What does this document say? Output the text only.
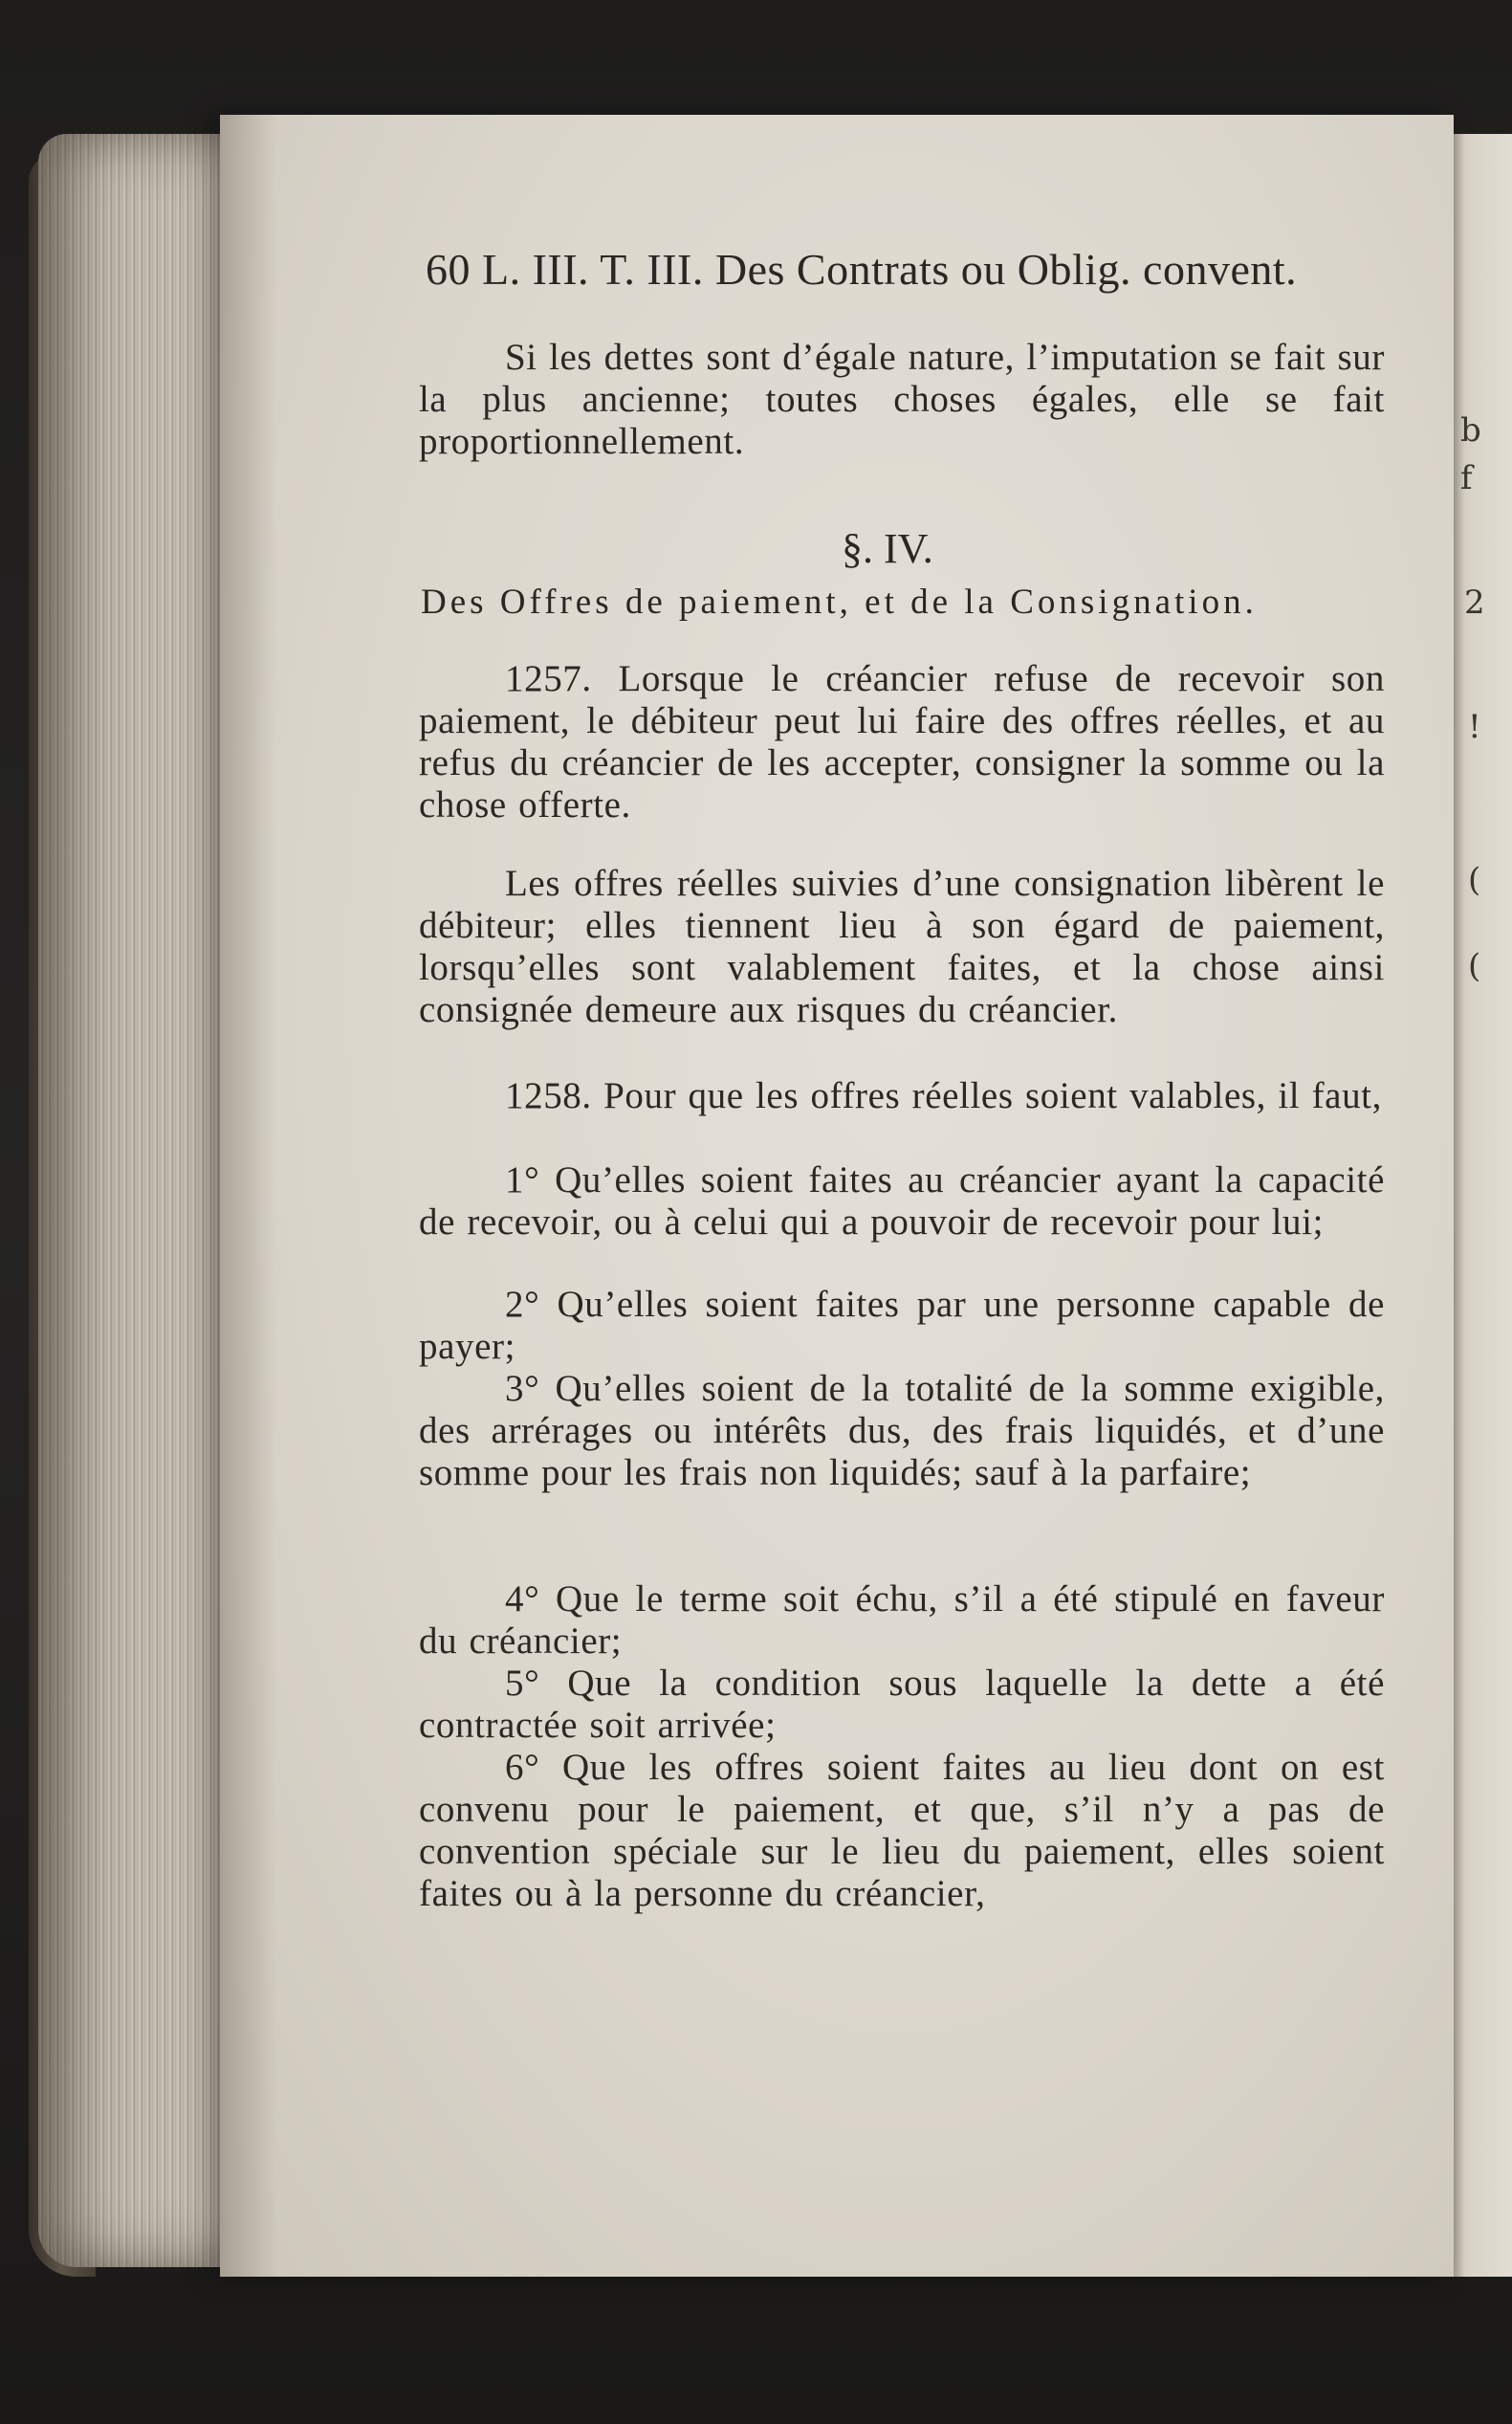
b
f
2
!
(
(
60 L. III. T. III. Des Contrats ou Oblig. convent.
Si les dettes sont d’égale nature, l’imputation se fait sur la plus ancienne; toutes choses égales, elle se fait proportionnellement.
§. IV.
Des Offres de paiement, et de la Consignation.
1257. Lorsque le créancier refuse de recevoir son paiement, le débiteur peut lui faire des offres réelles, et au refus du créancier de les accepter, consigner la somme ou la chose offerte.
Les offres réelles suivies d’une consignation libèrent le débiteur; elles tiennent lieu à son égard de paiement, lorsqu’elles sont valablement faites, et la chose ainsi consignée demeure aux risques du créancier.
1258. Pour que les offres réelles soient valables, il faut,
1° Qu’elles soient faites au créancier ayant la capacité de recevoir, ou à celui qui a pouvoir de recevoir pour lui;
2° Qu’elles soient faites par une personne capable de payer;
3° Qu’elles soient de la totalité de la somme exigible, des arrérages ou intérêts dus, des frais liquidés, et d’une somme pour les frais non liquidés; sauf à la parfaire;
4° Que le terme soit échu, s’il a été stipulé en faveur du créancier;
5° Que la condition sous laquelle la dette a été contractée soit arrivée;
6° Que les offres soient faites au lieu dont on est convenu pour le paiement, et que, s’il n’y a pas de convention spéciale sur le lieu du paiement, elles soient faites ou à la personne du créancier,
